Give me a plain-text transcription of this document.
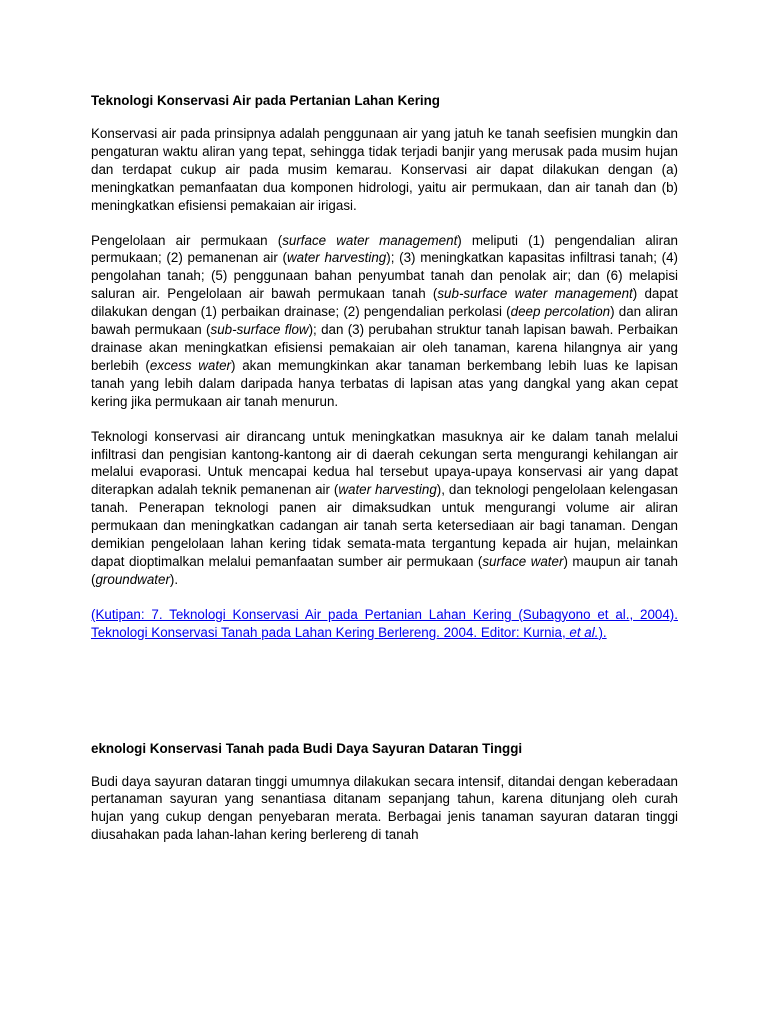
Teknologi Konservasi Air pada Pertanian Lahan Kering

Konservasi air pada prinsipnya adalah penggunaan air yang jatuh ke tanah seefisien mungkin dan pengaturan waktu aliran yang tepat, sehingga tidak terjadi banjir yang merusak pada musim hujan dan terdapat cukup air pada musim kemarau. Konservasi air dapat dilakukan dengan (a) meningkatkan pemanfaatan dua komponen hidrologi, yaitu air permukaan, dan air tanah dan (b) meningkatkan efisiensi pemakaian air irigasi.

Pengelolaan air permukaan (surface water management) meliputi (1) pengendalian aliran permukaan; (2) pemanenan air (water harvesting); (3) meningkatkan kapasitas infiltrasi tanah; (4) pengolahan tanah; (5) penggunaan bahan penyumbat tanah dan penolak air; dan (6) melapisi saluran air. Pengelolaan air bawah permukaan tanah (sub-surface water management) dapat dilakukan dengan (1) perbaikan drainase; (2) pengendalian perkolasi (deep percolation) dan aliran bawah permukaan (sub-surface flow); dan (3) perubahan struktur tanah lapisan bawah. Perbaikan drainase akan meningkatkan efisiensi pemakaian air oleh tanaman, karena hilangnya air yang berlebih (excess water) akan memungkinkan akar tanaman berkembang lebih luas ke lapisan tanah yang lebih dalam daripada hanya terbatas di lapisan atas yang dangkal yang akan cepat kering jika permukaan air tanah menurun.

Teknologi konservasi air dirancang untuk meningkatkan masuknya air ke dalam tanah melalui infiltrasi dan pengisian kantong-kantong air di daerah cekungan serta mengurangi kehilangan air melalui evaporasi. Untuk mencapai kedua hal tersebut upaya-upaya konservasi air yang dapat diterapkan adalah teknik pemanenan air (water harvesting), dan teknologi pengelolaan kelengasan tanah. Penerapan teknologi panen air dimaksudkan untuk mengurangi volume air aliran permukaan dan meningkatkan cadangan air tanah serta ketersediaan air bagi tanaman. Dengan demikian pengelolaan lahan kering tidak semata-mata tergantung kepada air hujan, melainkan dapat dioptimalkan melalui pemanfaatan sumber air permukaan (surface water) maupun air tanah (groundwater).

(Kutipan: 7. Teknologi Konservasi Air pada Pertanian Lahan Kering (Subagyono et al., 2004). Teknologi Konservasi Tanah pada Lahan Kering Berlereng. 2004. Editor: Kurnia, et al.).

eknologi Konservasi Tanah pada Budi Daya Sayuran Dataran Tinggi

Budi daya sayuran dataran tinggi umumnya dilakukan secara intensif, ditandai dengan keberadaan pertanaman sayuran yang senantiasa ditanam sepanjang tahun, karena ditunjang oleh curah hujan yang cukup dengan penyebaran merata. Berbagai jenis tanaman sayuran dataran tinggi diusahakan pada lahan-lahan kering berlereng di tanah
